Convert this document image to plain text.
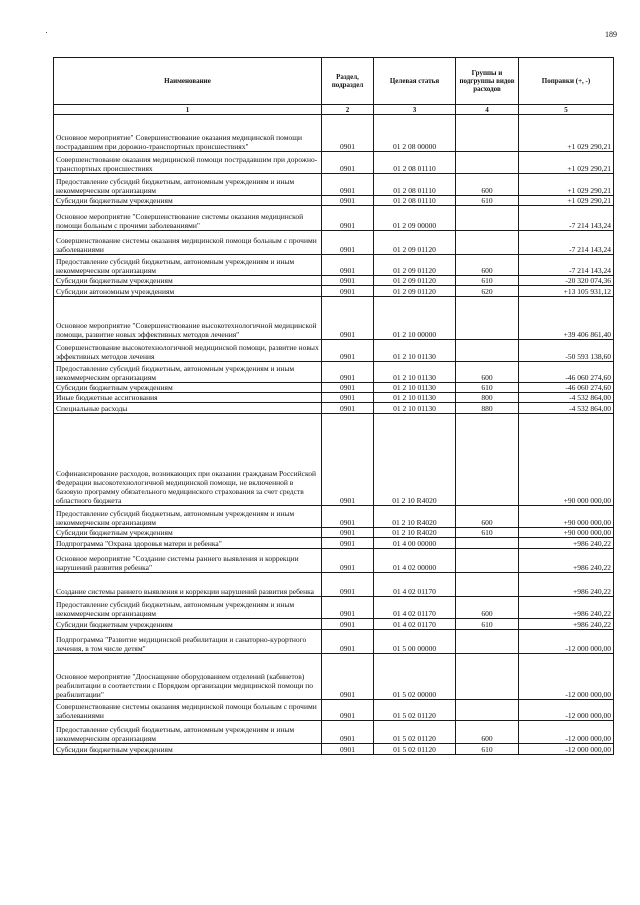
189
Наименование	Раздел, подраздел	Целевая статья	Группы и подгруппы видов расходов	Поправки (+, -)
1	2	3	4	5
Основное мероприятие" Совершенствование оказания медицинской помощи пострадавшим при дорожно-транспортных происшествиях"	0901	01 2 08 00000		+1 029 290,21
Совершенствование оказания медицинской помощи пострадавшим при дорожно-транспортных происшествиях	0901	01 2 08 01110		+1 029 290,21
Предоставление субсидий бюджетным, автономным учреждениям и иным некоммерческим организациям	0901	01 2 08 01110	600	+1 029 290,21
Субсидии бюджетным учреждениям	0901	01 2 08 01110	610	+1 029 290,21
Основное мероприятие "Совершенствование системы оказания медицинской помощи больным с прочими заболеваниями"	0901	01 2 09 00000		-7 214 143,24
Совершенствование системы оказания медицинской помощи больным с прочими заболеваниями	0901	01 2 09 01120		-7 214 143,24
Предоставление субсидий бюджетным, автономным учреждениям и иным некоммерческим организациям	0901	01 2 09 01120	600	-7 214 143,24
Субсидии бюджетным учреждениям	0901	01 2 09 01120	610	-20 320 074,36
Субсидии автономным учреждениям	0901	01 2 09 01120	620	+13 105 931,12
Основное мероприятие "Совершенствование высокотехнологичной медицинской помощи, развитие новых эффективных методов лечения"	0901	01 2 10 00000		+39 406 861,40
Совершенствование высокотехнологичной медицинской помощи, развитие новых эффективных методов лечения	0901	01 2 10 01130		-50 593 138,60
Предоставление субсидий бюджетным, автономным учреждениям и иным некоммерческим организациям	0901	01 2 10 01130	600	-46 060 274,60
Субсидии бюджетным учреждениям	0901	01 2 10 01130	610	-46 060 274,60
Иные бюджетные ассигнования	0901	01 2 10 01130	800	-4 532 864,00
Специальные расходы	0901	01 2 10 01130	880	-4 532 864,00
Софинансирование расходов, возникающих при оказании гражданам Российской Федерации высокотехнологичной медицинской помощи, не включенной в базовую программу обязательного медицинского страхования за счет средств областного бюджета	0901	01 2 10 R4020		+90 000 000,00
Предоставление субсидий бюджетным, автономным учреждениям и иным некоммерческим организациям	0901	01 2 10 R4020	600	+90 000 000,00
Субсидии бюджетным учреждениям	0901	01 2 10 R4020	610	+90 000 000,00
Подпрограмма "Охрана здоровья матери и ребенка"	0901	01 4 00 00000		+986 240,22
Основное мероприятие "Создание системы раннего выявления и коррекции нарушений развития ребенка"	0901	01 4 02 00000		+986 240,22
Создание системы раннего выявления и коррекции нарушений развития ребенка	0901	01 4 02 01170		+986 240,22
Предоставление субсидий бюджетным, автономным учреждениям и иным некоммерческим организациям	0901	01 4 02 01170	600	+986 240,22
Субсидии бюджетным учреждениям	0901	01 4 02 01170	610	+986 240,22
Подпрограмма "Развитие медицинской реабилитации и санаторно-курортного лечения, в том числе детям"	0901	01 5 00 00000		-12 000 000,00
Основное мероприятие "Дооснащение оборудованием отделений (кабинетов) реабилитации в соответствии с Порядком организации медицинской помощи по реабилитации"	0901	01 5 02 00000		-12 000 000,00
Совершенствование системы оказания медицинской помощи больным с прочими заболеваниями	0901	01 5 02 01120		-12 000 000,00
Предоставление субсидий бюджетным, автономным учреждениям и иным некоммерческим организациям	0901	01 5 02 01120	600	-12 000 000,00
Субсидии бюджетным учреждениям	0901	01 5 02 01120	610	-12 000 000,00
